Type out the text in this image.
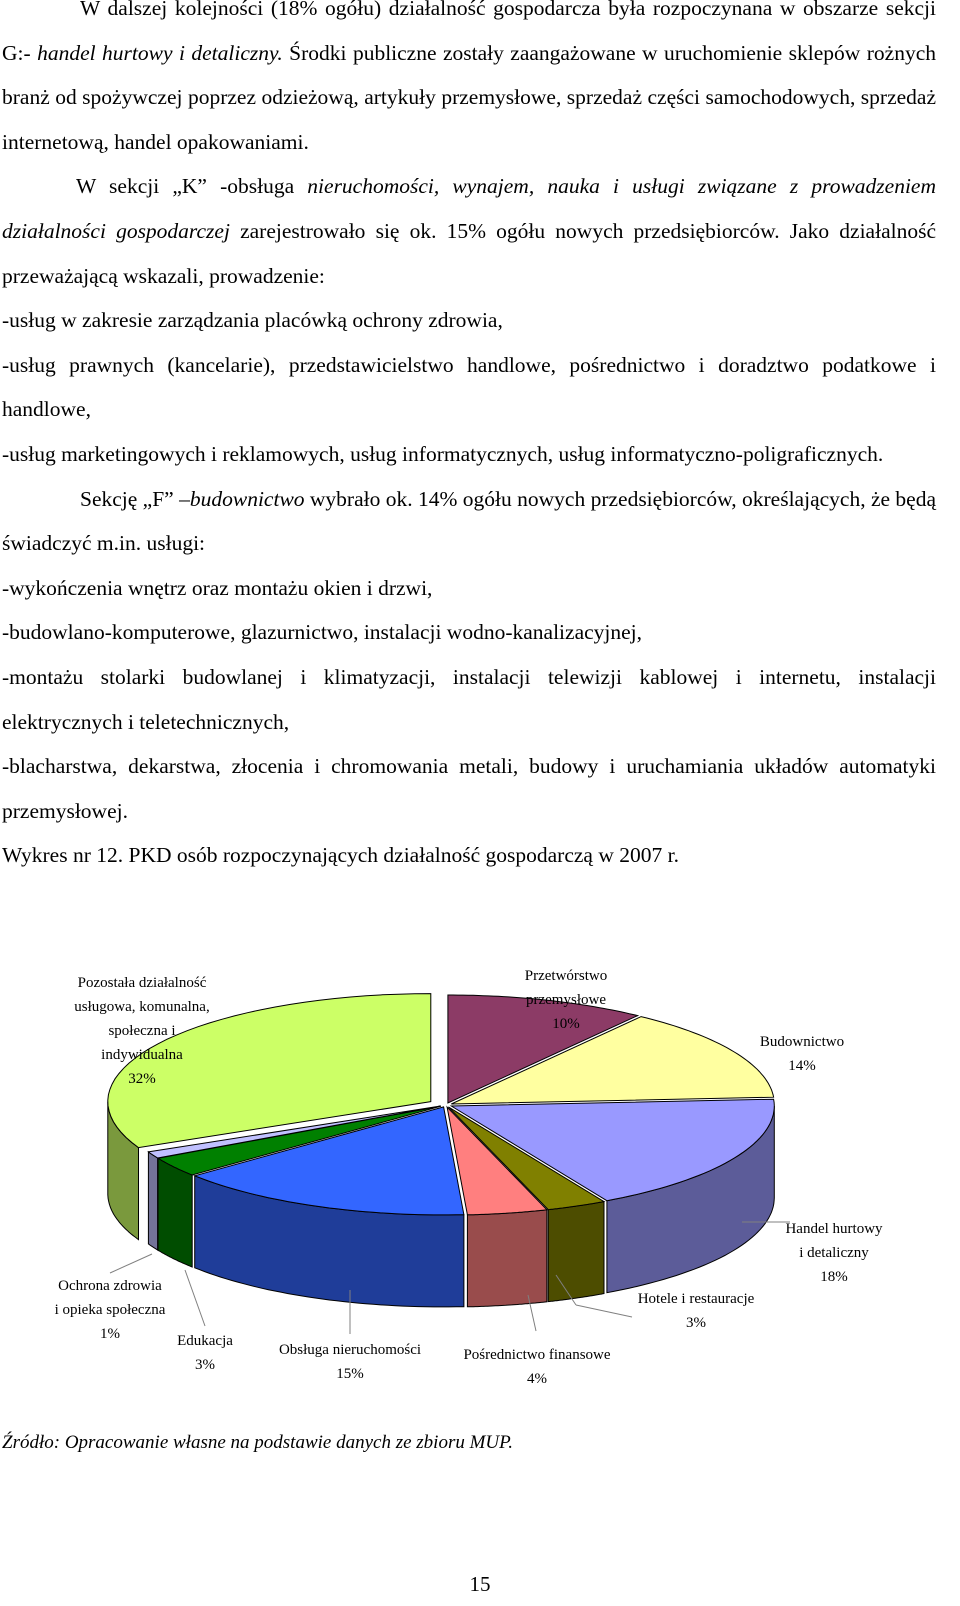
W dalszej kolejności (18% ogółu) działalność gospodarcza była rozpoczynana w obszarze sekcji G:- handel hurtowy i detaliczny. Środki publiczne zostały zaangażowane w uruchomienie sklepów rożnych branż od spożywczej poprzez odzieżową, artykuły przemysłowe, sprzedaż części samochodowych, sprzedaż internetową, handel opakowaniami.

W sekcji „K” -obsługa nieruchomości, wynajem, nauka i usługi związane z prowadzeniem działalności gospodarczej zarejestrowało się ok. 15% ogółu nowych przedsiębiorców. Jako działalność przeważającą wskazali, prowadzenie:

-usług w zakresie zarządzania placówką ochrony zdrowia,

-usług prawnych (kancelarie), przedstawicielstwo handlowe, pośrednictwo i doradztwo podatkowe i handlowe,

-usług marketingowych i reklamowych, usług informatycznych, usług informatyczno-poligraficznych.

Sekcję „F” –budownictwo wybrało ok. 14% ogółu nowych przedsiębiorców, określających, że będą świadczyć m.in. usługi:

-wykończenia wnętrz oraz montażu okien i drzwi,

-budowlano-komputerowe, glazurnictwo, instalacji wodno-kanalizacyjnej,

-montażu stolarki budowlanej i klimatyzacji, instalacji telewizji kablowej i internetu, instalacji elektrycznych i teletechnicznych,

-blacharstwa, dekarstwa, złocenia i chromowania metali, budowy i uruchamiania układów automatyki przemysłowej.

Wykres nr 12. PKD osób rozpoczynających działalność gospodarczą w 2007 r.

Przetwórstwo przemysłowe 10%
Budownictwo 14%
Handel hurtowy i detaliczny 18%
Hotele i restauracje 3%
Pośrednictwo finansowe 4%
Obsługa nieruchomości 15%
Edukacja 3%
Ochrona zdrowia i opieka społeczna 1%
Pozostała działalność usługowa, komunalna, społeczna i indywidualna 32%
Źródło: Opracowanie własne na podstawie danych ze zbioru MUP.
15
